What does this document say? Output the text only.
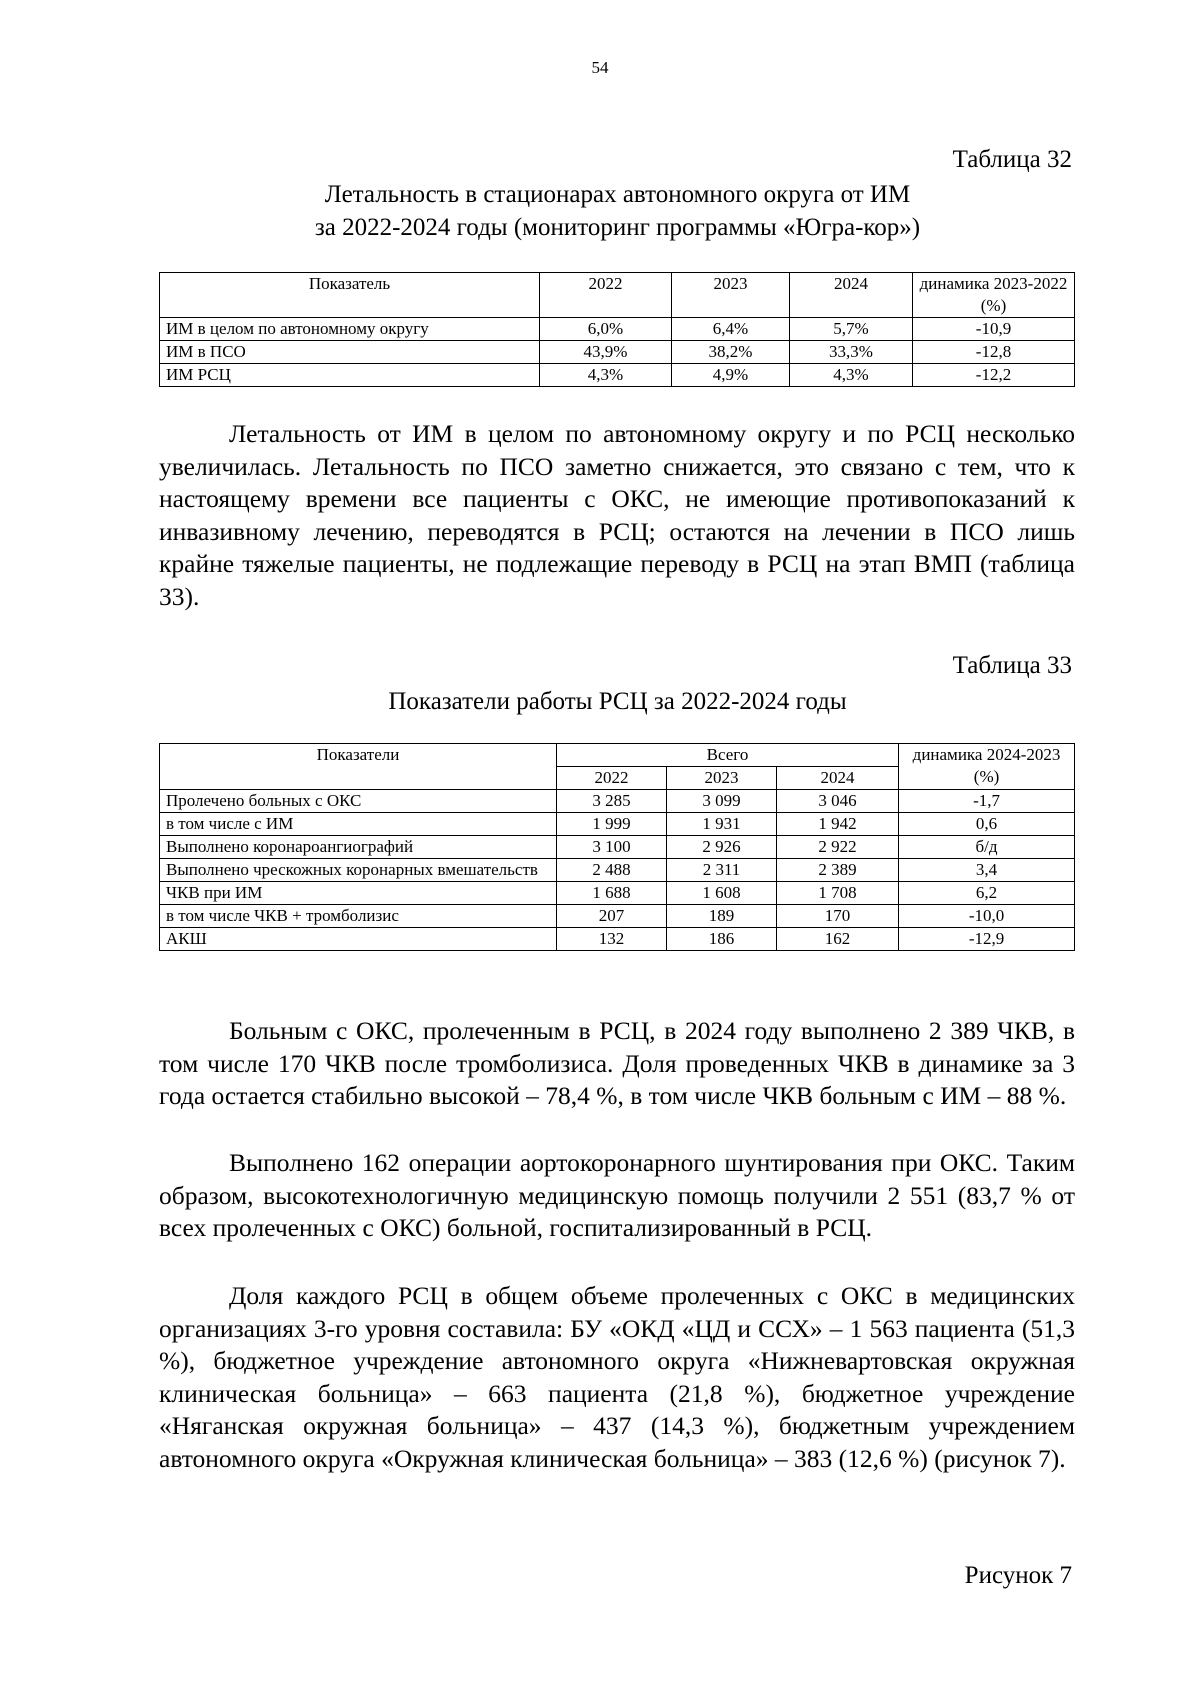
54
Таблица 32
Летальность в стационарах автономного округа от ИМ
за 2022-2024 годы (мониторинг программы «Югра-кор»)
Показатель	2022	2023	2024	динамика 2023-2022 (%)
ИМ в целом по автономному округу	6,0%	6,4%	5,7%	-10,9
ИМ в ПСО	43,9%	38,2%	33,3%	-12,8
ИМ РСЦ	4,3%	4,9%	4,3%	-12,2

Летальность от ИМ в целом по автономному округу и по РСЦ несколько увеличилась. Летальность по ПСО заметно снижается, это связано с тем, что к настоящему времени все пациенты с ОКС, не имеющие противопоказаний к инвазивному лечению, переводятся в РСЦ; остаются на лечении в ПСО лишь крайне тяжелые пациенты, не подлежащие переводу в РСЦ на этап ВМП (таблица 33).

Таблица 33
Показатели работы РСЦ за 2022-2024 годы
Показатели	Всего			динамика 2024-2023 (%)
	2022	2023	2024	
Пролечено больных с ОКС	3 285	3 099	3 046	-1,7
в том числе с ИМ	1 999	1 931	1 942	0,6
Выполнено коронароангиографий	3 100	2 926	2 922	б/д
Выполнено чрескожных коронарных вмешательств	2 488	2 311	2 389	3,4
ЧКВ при ИМ	1 688	1 608	1 708	6,2
в том числе ЧКВ + тромболизис	207	189	170	-10,0
АКШ	132	186	162	-12,9

Больным с ОКС, пролеченным в РСЦ, в 2024 году выполнено 2 389 ЧКВ, в том числе 170 ЧКВ после тромболизиса. Доля проведенных ЧКВ в динамике за 3 года остается стабильно высокой – 78,4 %, в том числе ЧКВ больным с ИМ – 88 %.

Выполнено 162 операции аортокоронарного шунтирования при ОКС. Таким образом, высокотехнологичную медицинскую помощь получили 2 551 (83,7 % от всех пролеченных с ОКС) больной, госпитализированный в РСЦ.

Доля каждого РСЦ в общем объеме пролеченных с ОКС в медицинских организациях 3-го уровня составила: БУ «ОКД «ЦД и ССХ» – 1 563 пациента (51,3 %), бюджетное учреждение автономного округа «Нижневартовская окружная клиническая больница» – 663 пациента (21,8 %), бюджетное учреждение «Няганская окружная больница» – 437 (14,3 %), бюджетным учреждением автономного округа «Окружная клиническая больница» – 383 (12,6 %) (рисунок 7).

Рисунок 7
